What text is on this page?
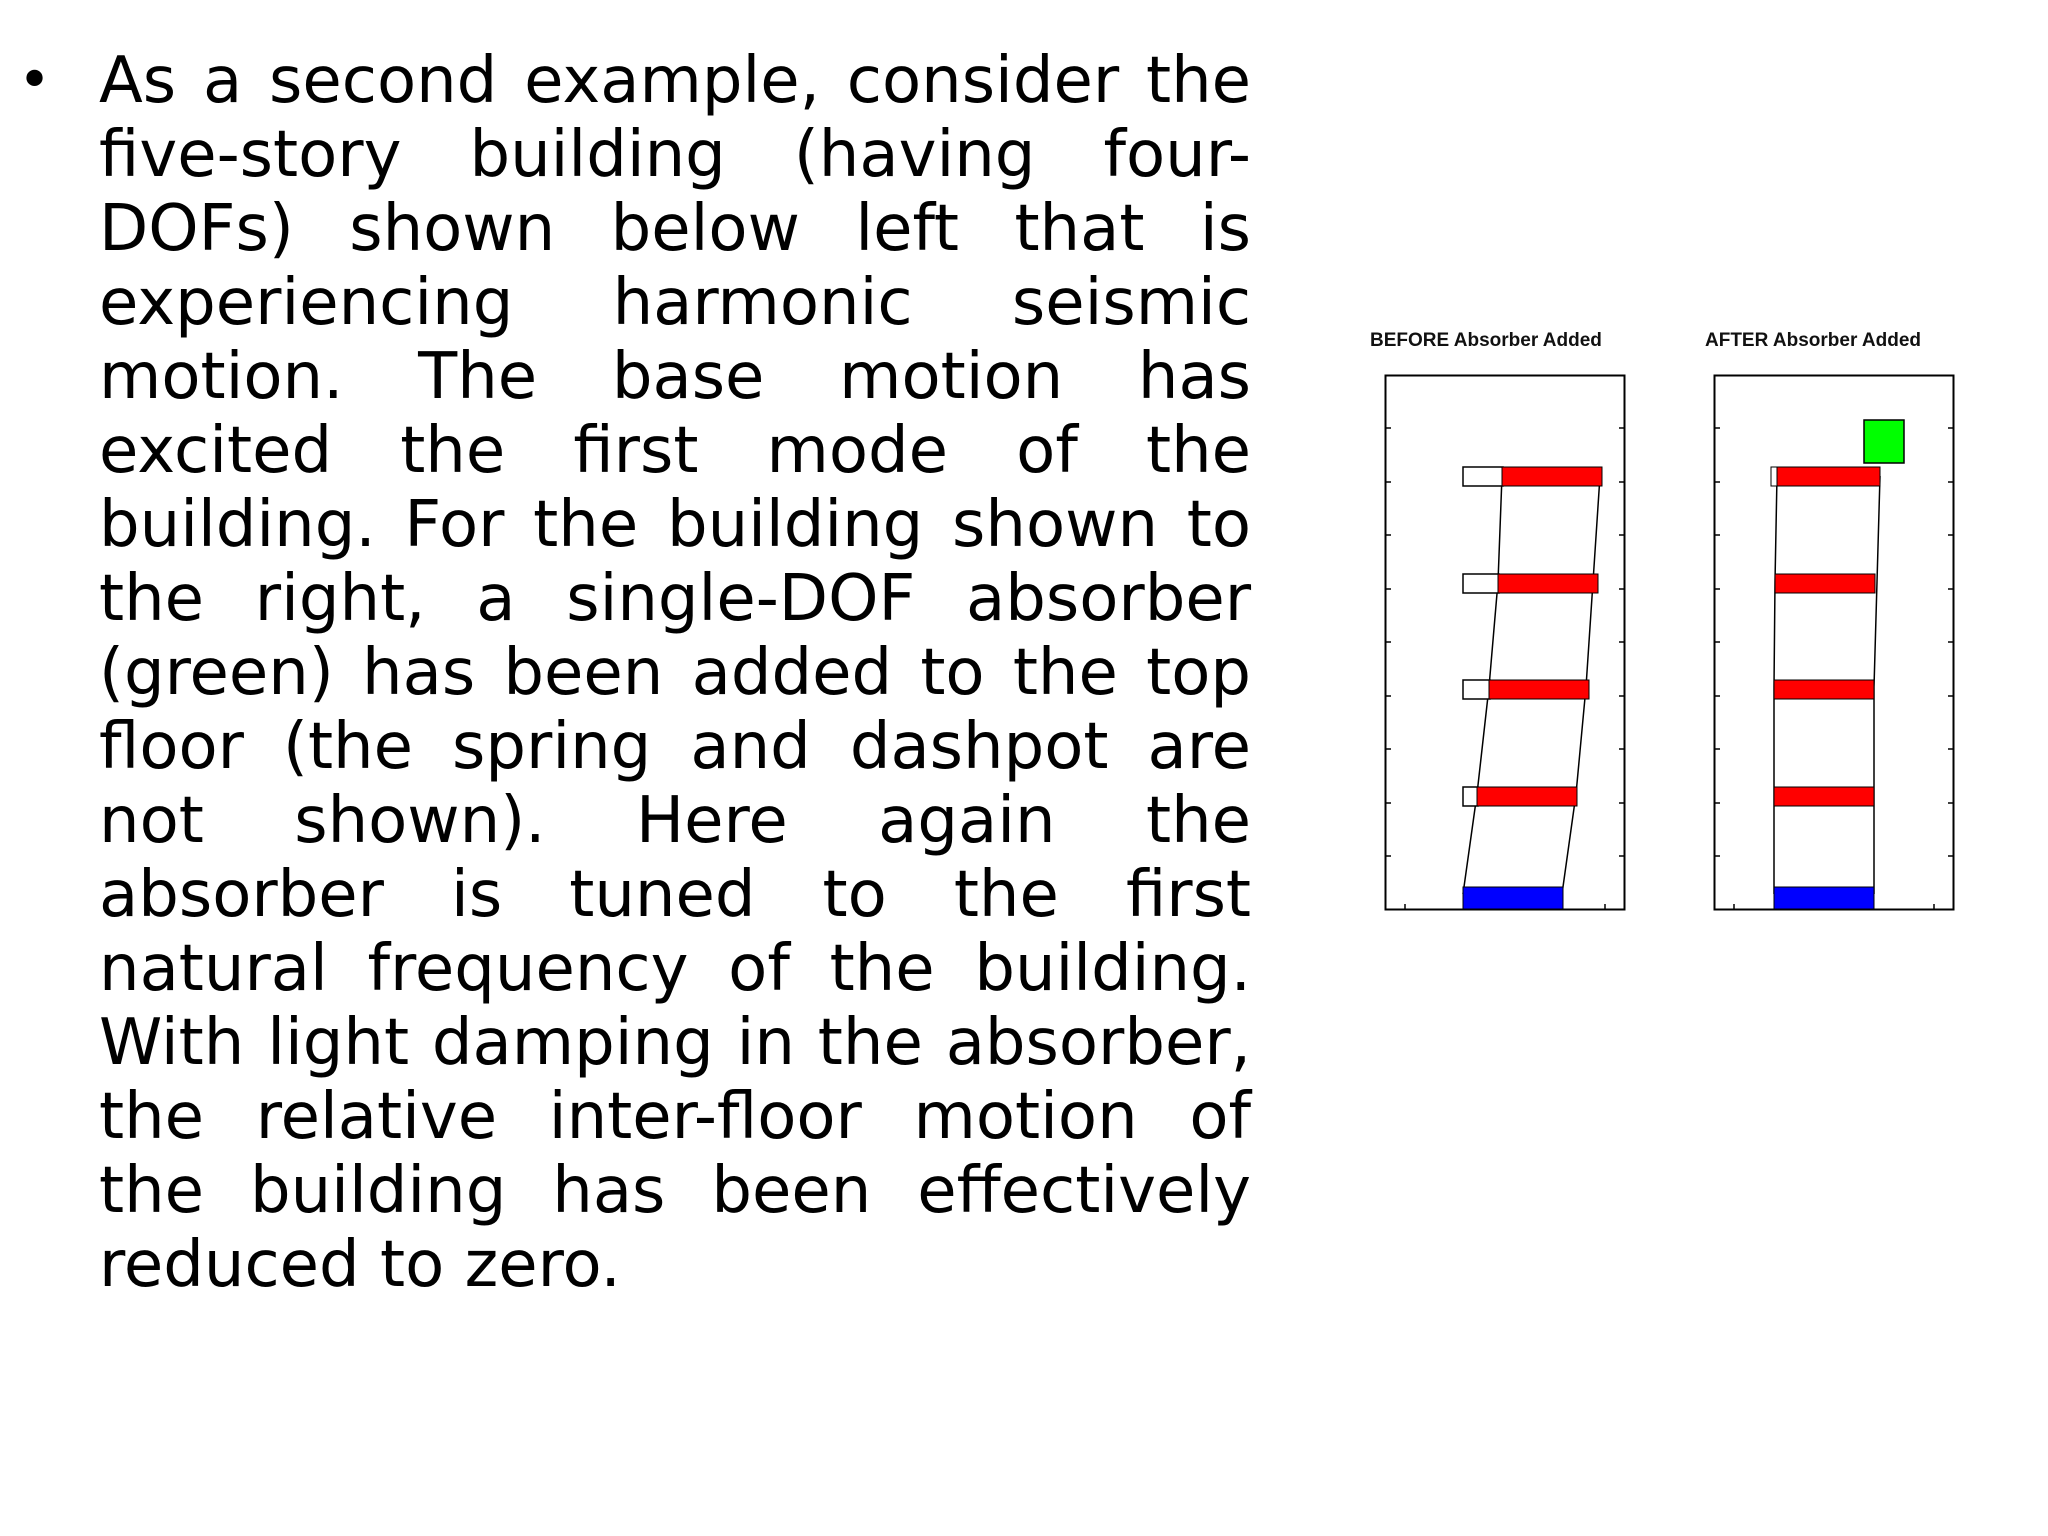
• As a second example, consider the five-story building (having four-DOFs) shown below left that is experiencing harmonic seismic motion. The base motion has excited the first mode of the building. For the building shown to the right, a single-DOF absorber (green) has been added to the top floor (the spring and dashpot are not shown). Here again the absorber is tuned to the first natural frequency of the building. With light damping in the absorber, the relative inter-floor motion of the building has been effectively reduced to zero.

BEFORE Absorber Added	AFTER Absorber Added
